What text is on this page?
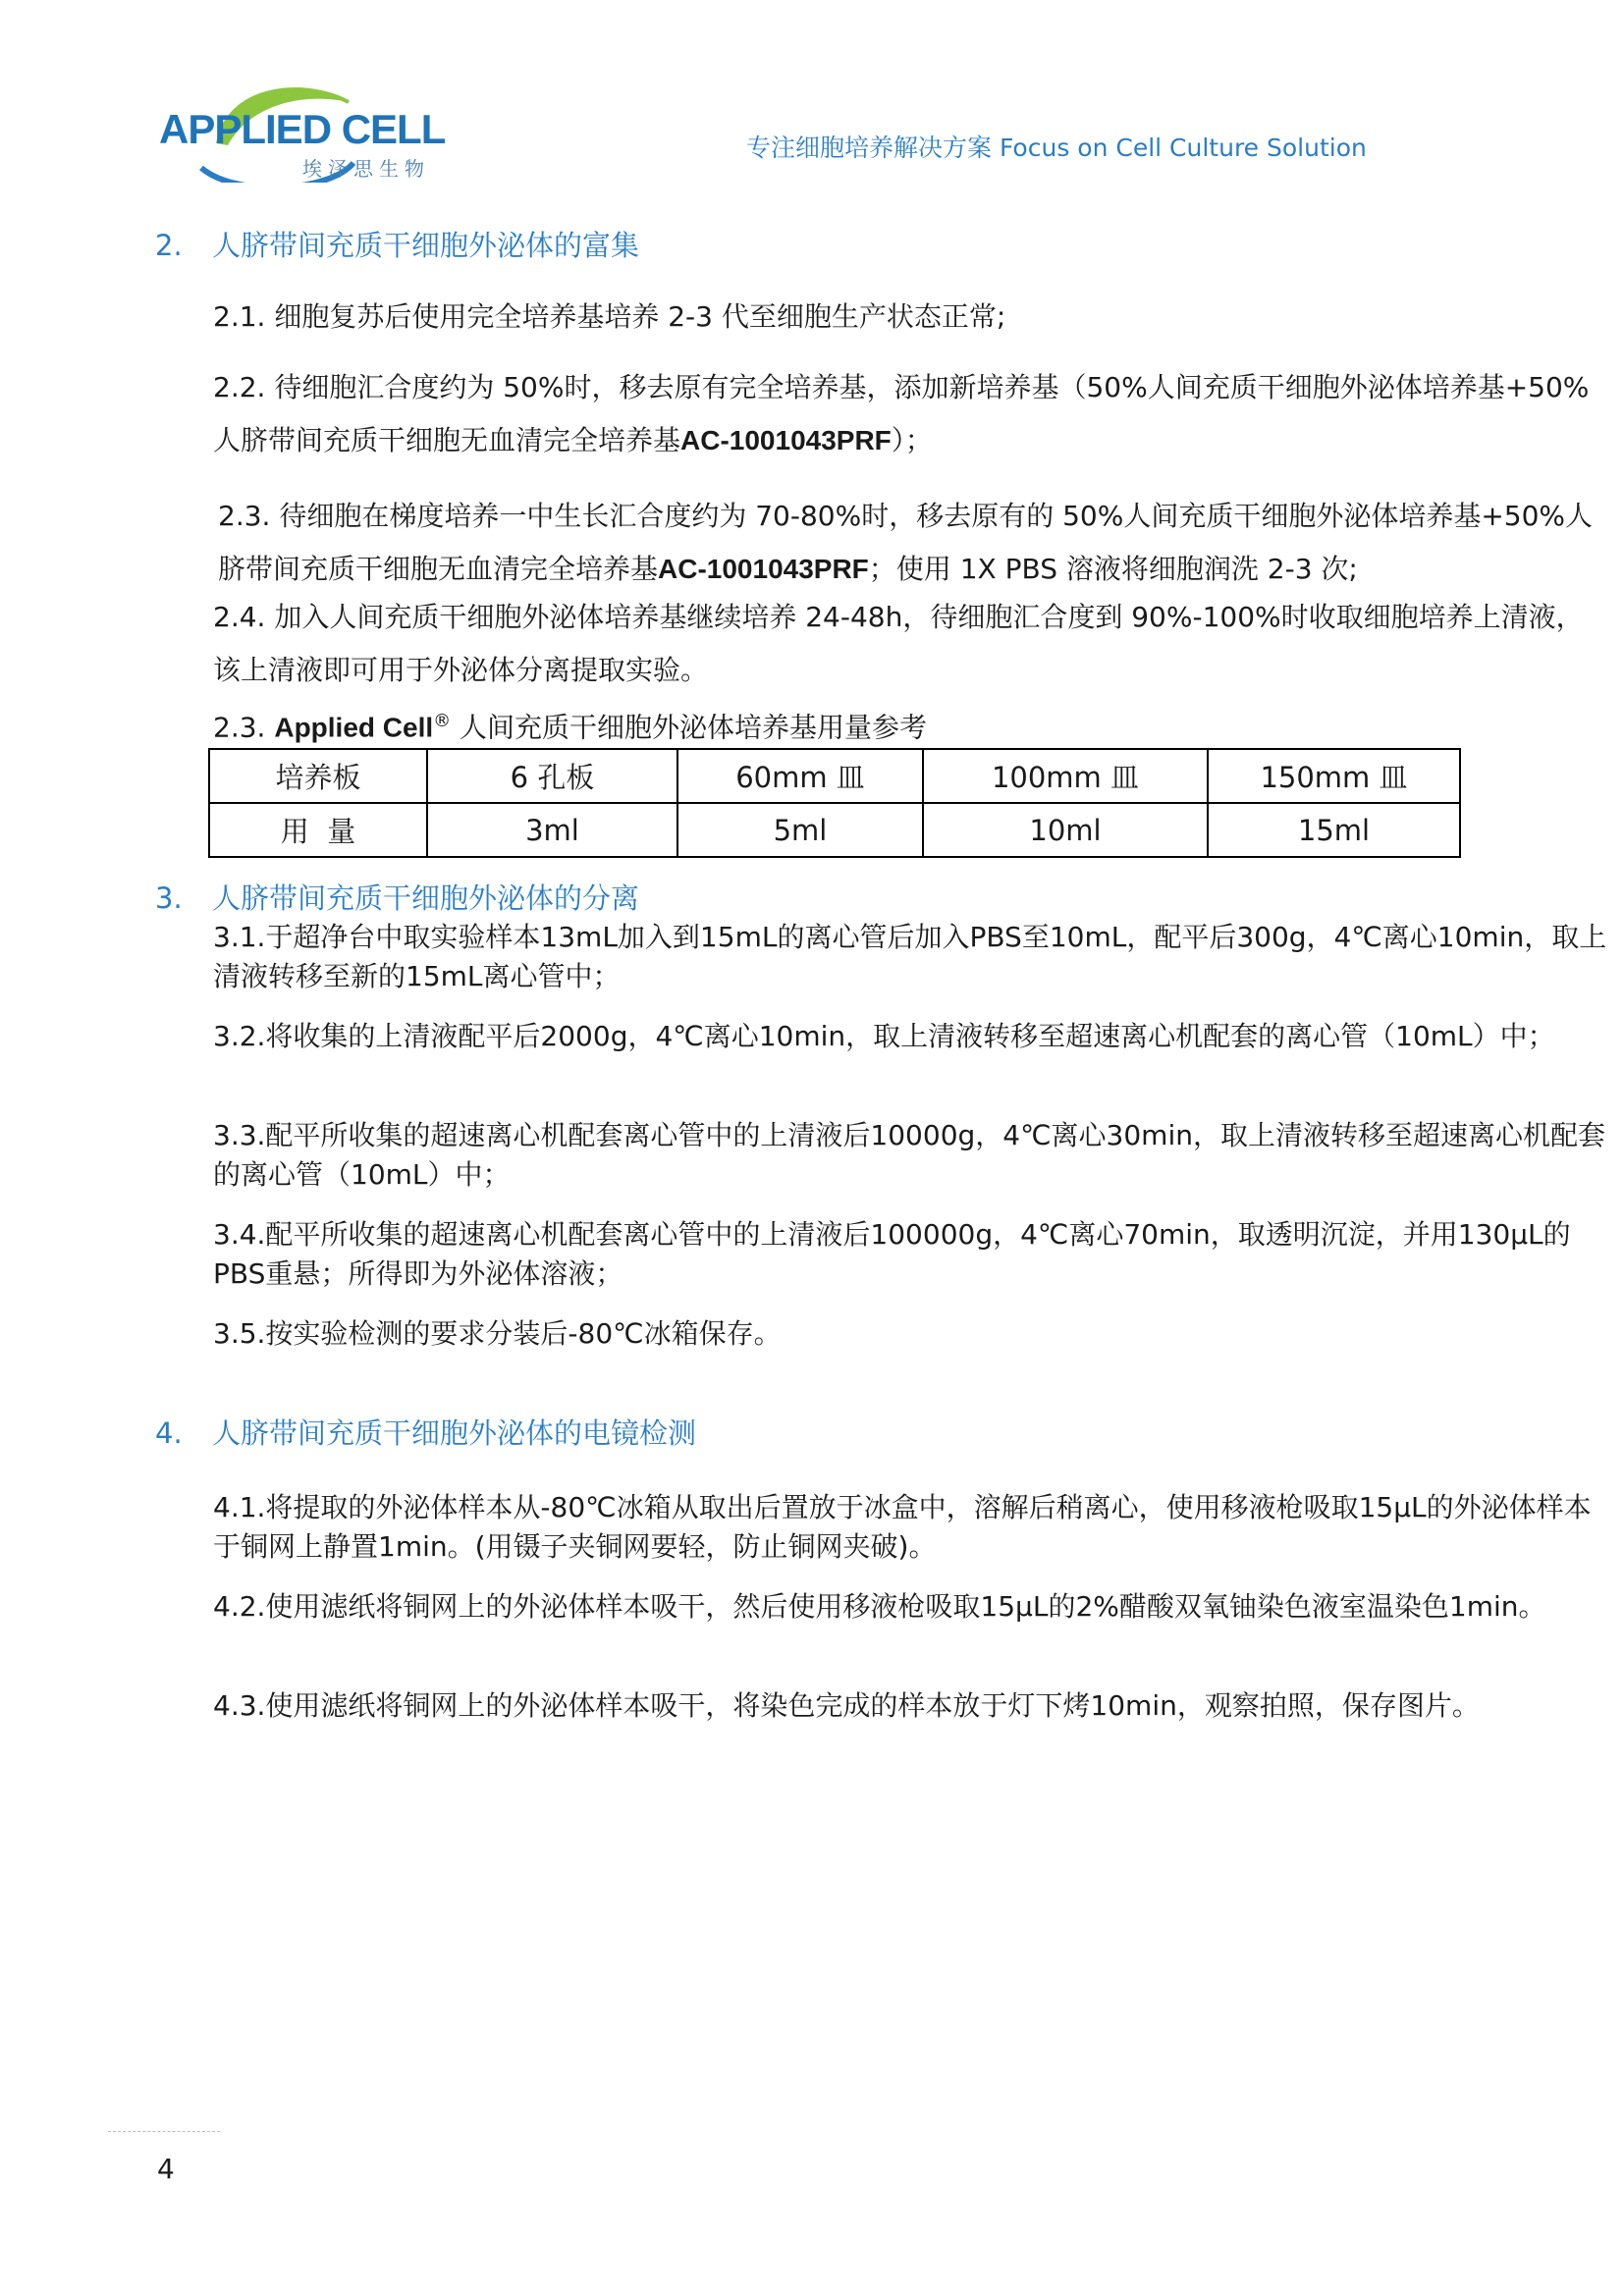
APPLIED CELL
埃泽思生物
专注细胞培养解决方案 Focus on Cell Culture Solution
2. 人脐带间充质干细胞外泌体的富集
2.1. 细胞复苏后使用完全培养基培养 2-3 代至细胞生产状态正常;
2.2. 待细胞汇合度约为 50%时，移去原有完全培养基，添加新培养基（50%人间充质干细胞外泌体培养基+50% 人脐带间充质干细胞无血清完全培养基AC-1001043PRF）；
2.3. 待细胞在梯度培养一中生长汇合度约为 70-80%时，移去原有的 50%人间充质干细胞外泌体培养基+50%人脐带间充质干细胞无血清完全培养基AC-1001043PRF；使用 1X PBS 溶液将细胞润洗 2-3 次;
2.4. 加入人间充质干细胞外泌体培养基继续培养 24-48h，待细胞汇合度到 90%-100%时收取细胞培养上清液，该上清液即可用于外泌体分离提取实验。
2.3. Applied Cell® 人间充质干细胞外泌体培养基用量参考
培养板	6 孔板	60mm 皿	100mm 皿	150mm 皿
用  量	3ml	5ml	10ml	15ml
3. 人脐带间充质干细胞外泌体的分离
3.1.于超净台中取实验样本13mL加入到15mL的离心管后加入PBS至10mL，配平后300g，4℃离心10min，取上清液转移至新的15mL离心管中；
3.2.将收集的上清液配平后2000g，4℃离心10min，取上清液转移至超速离心机配套的离心管（10mL）中；
3.3.配平所收集的超速离心机配套离心管中的上清液后10000g，4℃离心30min，取上清液转移至超速离心机配套的离心管（10mL）中；
3.4.配平所收集的超速离心机配套离心管中的上清液后100000g，4℃离心70min，取透明沉淀，并用130μL的PBS重悬；所得即为外泌体溶液；
3.5.按实验检测的要求分装后-80℃冰箱保存。
4. 人脐带间充质干细胞外泌体的电镜检测
4.1.将提取的外泌体样本从-80℃冰箱从取出后置放于冰盒中，溶解后稍离心，使用移液枪吸取15μL的外泌体样本于铜网上静置1min。(用镊子夹铜网要轻，防止铜网夹破)。
4.2.使用滤纸将铜网上的外泌体样本吸干，然后使用移液枪吸取15μL的2%醋酸双氧铀染色液室温染色1min。
4.3.使用滤纸将铜网上的外泌体样本吸干，将染色完成的样本放于灯下烤10min，观察拍照，保存图片。
4
